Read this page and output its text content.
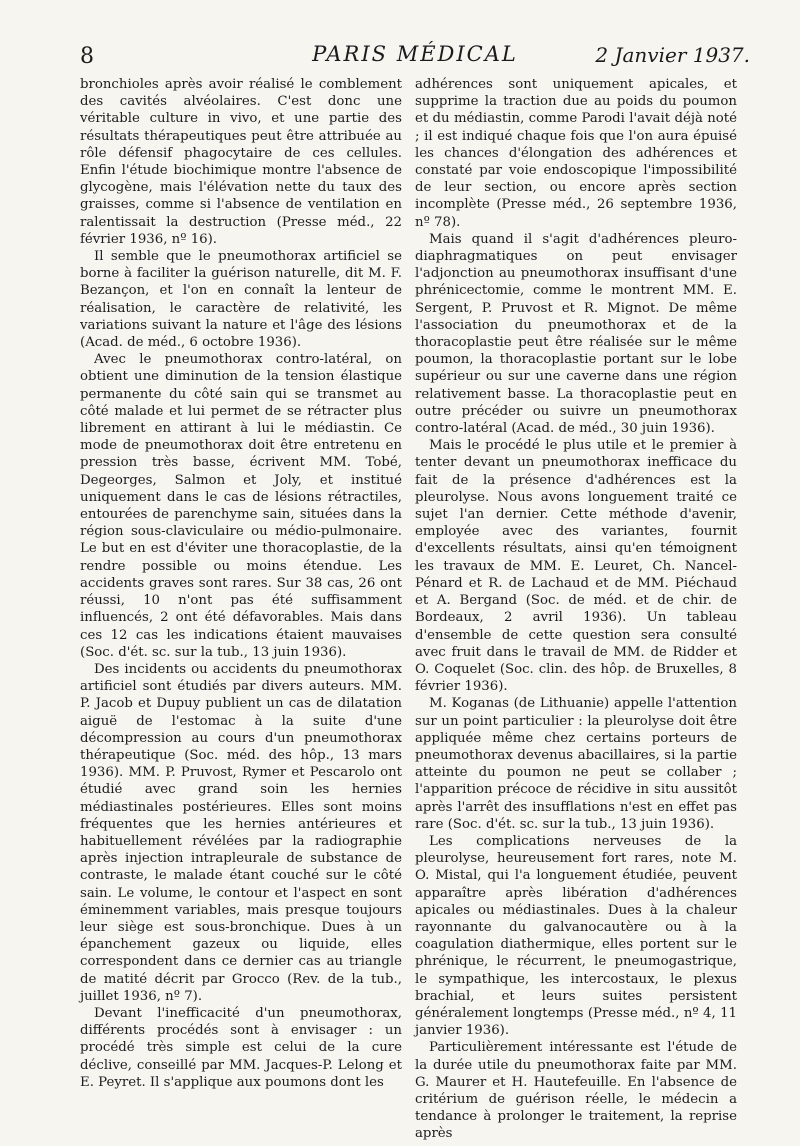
8	PARIS MÉDICAL	2 Janvier 1937.

bronchioles après avoir réalisé le comblement des cavités alvéolaires. C'est donc une véritable culture in vivo, et une partie des résultats thérapeutiques peut être attribuée au rôle défensif phagocytaire de ces cellules. Enfin l'étude biochimique montre l'absence de glycogène, mais l'élévation nette du taux des graisses, comme si l'absence de ventilation en ralentissait la destruction (Presse méd., 22 février 1936, nº 16).

Il semble que le pneumothorax artificiel se borne à faciliter la guérison naturelle, dit M. F. Bezançon, et l'on en connaît la lenteur de réalisation, le caractère de relativité, les variations suivant la nature et l'âge des lésions (Acad. de méd., 6 octobre 1936).

Avec le pneumothorax contro-latéral, on obtient une diminution de la tension élastique permanente du côté sain qui se transmet au côté malade et lui permet de se rétracter plus librement en attirant à lui le médiastin. Ce mode de pneumothorax doit être entretenu en pression très basse, écrivent MM. Tobé, Degeorges, Salmon et Joly, et institué uniquement dans le cas de lésions rétractiles, entourées de parenchyme sain, situées dans la région sous-claviculaire ou médio-pulmonaire. Le but en est d'éviter une thoracoplastie, de la rendre possible ou moins étendue. Les accidents graves sont rares. Sur 38 cas, 26 ont réussi, 10 n'ont pas été suffisamment influencés, 2 ont été défavorables. Mais dans ces 12 cas les indications étaient mauvaises (Soc. d'ét. sc. sur la tub., 13 juin 1936).

Des incidents ou accidents du pneumothorax artificiel sont étudiés par divers auteurs. MM. P. Jacob et Dupuy publient un cas de dilatation aiguë de l'estomac à la suite d'une décompression au cours d'un pneumothorax thérapeutique (Soc. méd. des hôp., 13 mars 1936). MM. P. Pruvost, Rymer et Pescarolo ont étudié avec grand soin les hernies médiastinales postérieures. Elles sont moins fréquentes que les hernies antérieures et habituellement révélées par la radiographie après injection intrapleurale de substance de contraste, le malade étant couché sur le côté sain. Le volume, le contour et l'aspect en sont éminemment variables, mais presque toujours leur siège est sous-bronchique. Dues à un épanchement gazeux ou liquide, elles correspondent dans ce dernier cas au triangle de matité décrit par Grocco (Rev. de la tub., juillet 1936, nº 7).

Devant l'inefficacité d'un pneumothorax, différents procédés sont à envisager : un procédé très simple est celui de la cure déclive, conseillé par MM. Jacques-P. Lelong et E. Peyret. Il s'applique aux poumons dont les

adhérences sont uniquement apicales, et supprime la traction due au poids du poumon et du médiastin, comme Parodi l'avait déjà noté ; il est indiqué chaque fois que l'on aura épuisé les chances d'élongation des adhérences et constaté par voie endoscopique l'impossibilité de leur section, ou encore après section incomplète (Presse méd., 26 septembre 1936, nº 78).

Mais quand il s'agit d'adhérences pleuro-diaphragmatiques on peut envisager l'adjonction au pneumothorax insuffisant d'une phrénicectomie, comme le montrent MM. E. Sergent, P. Pruvost et R. Mignot. De même l'association du pneumothorax et de la thoracoplastie peut être réalisée sur le même poumon, la thoracoplastie portant sur le lobe supérieur ou sur une caverne dans une région relativement basse. La thoracoplastie peut en outre précéder ou suivre un pneumothorax contro-latéral (Acad. de méd., 30 juin 1936).

Mais le procédé le plus utile et le premier à tenter devant un pneumothorax inefficace du fait de la présence d'adhérences est la pleurolyse. Nous avons longuement traité ce sujet l'an dernier. Cette méthode d'avenir, employée avec des variantes, fournit d'excellents résultats, ainsi qu'en témoignent les travaux de MM. E. Leuret, Ch. Nancel-Pénard et R. de Lachaud et de MM. Piéchaud et A. Bergand (Soc. de méd. et de chir. de Bordeaux, 2 avril 1936). Un tableau d'ensemble de cette question sera consulté avec fruit dans le travail de MM. de Ridder et O. Coquelet (Soc. clin. des hôp. de Bruxelles, 8 février 1936).

M. Koganas (de Lithuanie) appelle l'attention sur un point particulier : la pleurolyse doit être appliquée même chez certains porteurs de pneumothorax devenus abacillaires, si la partie atteinte du poumon ne peut se collaber ; l'apparition précoce de récidive in situ aussitôt après l'arrêt des insufflations n'est en effet pas rare (Soc. d'ét. sc. sur la tub., 13 juin 1936).

Les complications nerveuses de la pleurolyse, heureusement fort rares, note M. O. Mistal, qui l'a longuement étudiée, peuvent apparaître après libération d'adhérences apicales ou médiastinales. Dues à la chaleur rayonnante du galvanocautère ou à la coagulation diathermique, elles portent sur le phrénique, le récurrent, le pneumogastrique, le sympathique, les intercostaux, le plexus brachial, et leurs suites persistent généralement longtemps (Presse méd., nº 4, 11 janvier 1936).

Particulièrement intéressante est l'étude de la durée utile du pneumothorax faite par MM. G. Maurer et H. Hautefeuille. En l'absence de critérium de guérison réelle, le médecin a tendance à prolonger le traitement, la reprise après
